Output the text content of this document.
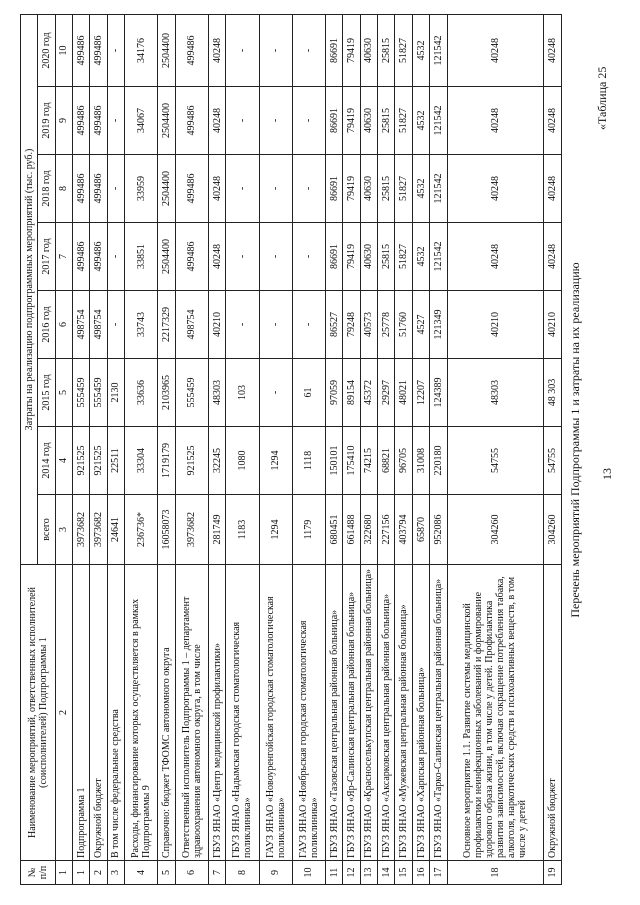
13
«Таблица 25
Перечень мероприятий Подпрограммы 1 и затраты на их реализацию
№ п/п	Наименование мероприятий, ответственных исполнителей (соисполнителей) Подпрограммы 1	Затраты на реализацию подпрограммных мероприятий (тыс. руб.)							
		всего	2014 год	2015 год	2016 год	2017 год	2018 год	2019 год	2020 год
1	2	3	4	5	6	7	8	9	10
1	Подпрограмма 1	3973682	921525	555459	498754	499486	499486	499486	499486
2	Окружной бюджет	3973682	921525	555459	498754	499486	499486	499486	499486
3	В том числе федеральные средства	24641	22511	2130	-	-	-	-	-
4	Расходы, финансирование которых осуществляется в рамках Подпрограммы 9	236736*	33304	33636	33743	33851	33959	34067	34176
5	Справочно: бюджет ТФОМС автономного округа	16058073	1719179	2103965	2217329	2504400	2504400	2504400	2504400
6	Ответственный исполнитель Подпрограммы 1 – департамент здравоохранения автономного округа, в том числе	3973682	921525	555459	498754	499486	499486	499486	499486
7	ГБУЗ ЯНАО «Центр медицинской профилактики»	281749	32245	48303	40210	40248	40248	40248	40248
8	ГБУЗ ЯНАО «Надымская городская стоматологическая поликлиника»	1183	1080	103	-	-	-	-	-
9	ГАУЗ ЯНАО «Новоуренгойская городская стоматологическая поликлиника»	1294	1294	-	-	-	-	-	-
10	ГАУЗ ЯНАО «Ноябрьская городская стоматологическая поликлиника»	1179	1118	61	-	-	-	-	-
11	ГБУЗ ЯНАО «Тазовская центральная районная больница»	680451	150101	97059	86527	86691	86691	86691	86691
12	ГБУЗ ЯНАО «Яр-Салинская центральная районная больница»	661488	175410	89154	79248	79419	79419	79419	79419
13	ГБУЗ ЯНАО «Красноселькупская центральная районная больница»	322680	74215	45372	40573	40630	40630	40630	40630
14	ГБУЗ ЯНАО «Аксарковская центральная районная больница»	227156	68821	29297	25778	25815	25815	25815	25815
15	ГБУЗ ЯНАО «Мужевская центральная районная больница»	403794	96705	48021	51760	51827	51827	51827	51827
16	ГБУЗ ЯНАО «Харпская районная больница»	65870	31008	12207	4527	4532	4532	4532	4532
17	ГБУЗ ЯНАО «Тарко-Салинская центральная районная больница»	952086	220180	124389	121349	121542	121542	121542	121542
18	Основное мероприятие 1.1. Развитие системы медицинской профилактики неинфекционных заболеваний и формирование здорового образа жизни, в том числе у детей. Профилактика развития зависимостей, включая сокращение потребления табака, алкоголя, наркотических средств и психоактивных веществ, в том числе у детей	304260	54755	48303	40210	40248	40248	40248	40248
19	Окружной бюджет	304260	54755	48 303	40210	40248	40248	40248	40248
